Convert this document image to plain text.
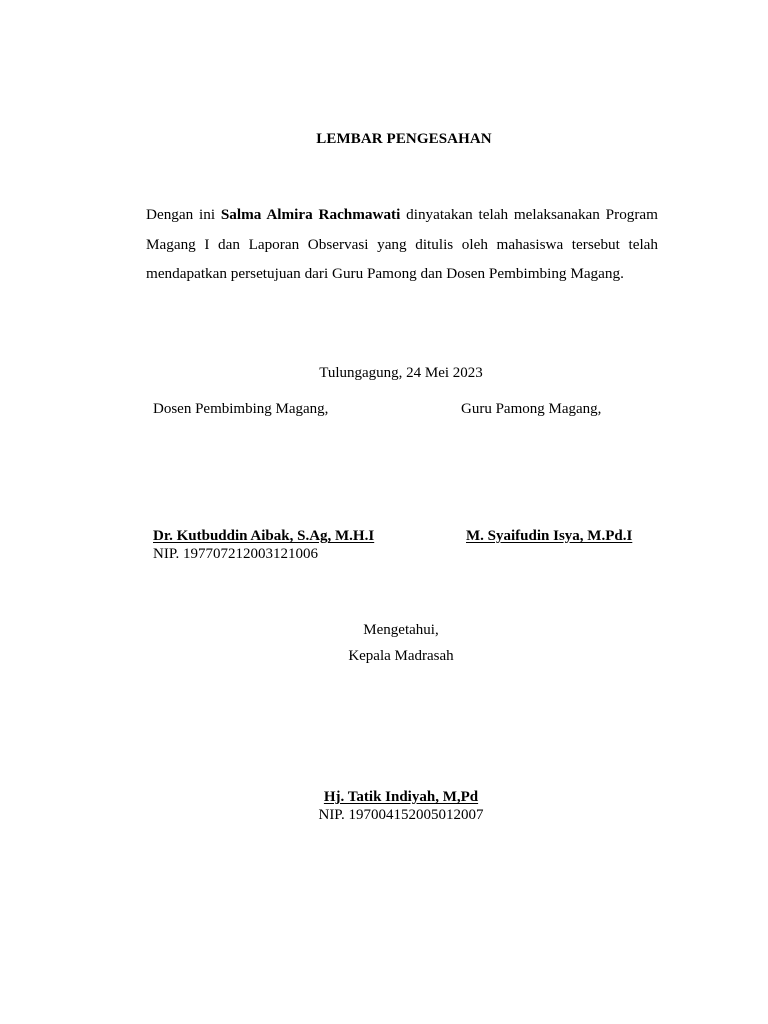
LEMBAR PENGESAHAN
Dengan ini Salma Almira Rachmawati dinyatakan telah melaksanakan Program Magang I dan Laporan Observasi yang ditulis oleh mahasiswa tersebut telah mendapatkan persetujuan dari Guru Pamong dan Dosen Pembimbing Magang.
Tulungagung, 24 Mei 2023
Dosen Pembimbing Magang,	Guru Pamong Magang,
Dr. Kutbuddin Aibak, S.Ag, M.H.I	M. Syaifudin Isya, M.Pd.I
NIP. 197707212003121006
Mengetahui,
Kepala Madrasah
Hj. Tatik Indiyah, M,Pd
NIP. 197004152005012007
